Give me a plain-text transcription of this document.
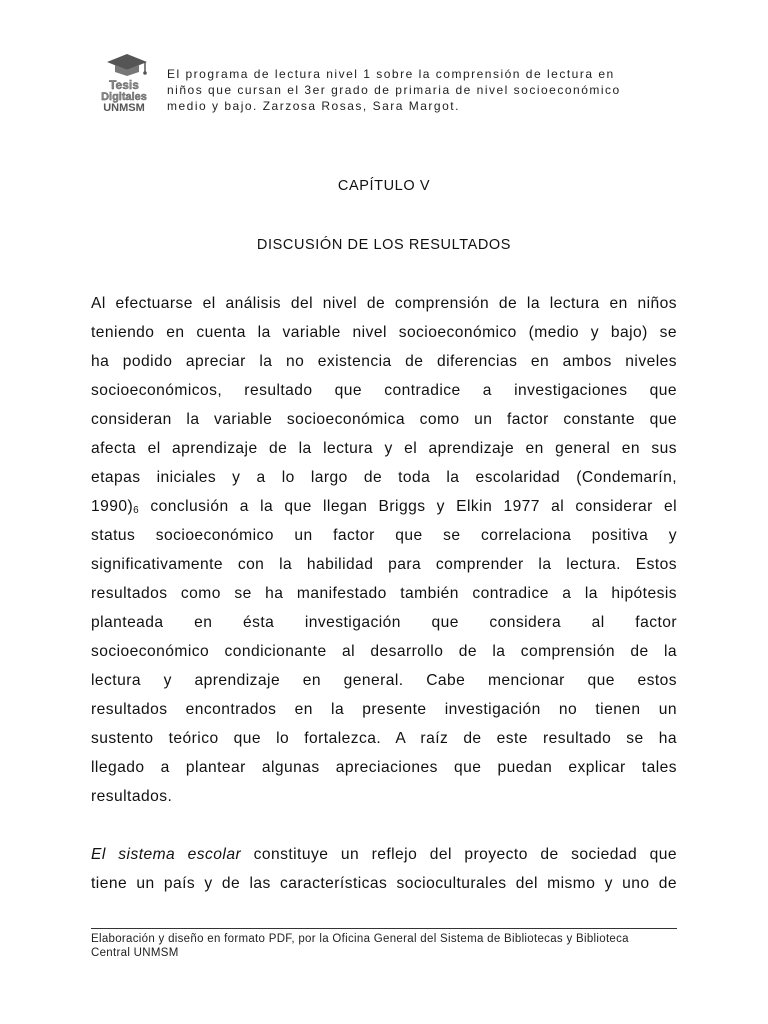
Tesis
Digitales
UNMSM
El programa de lectura nivel 1 sobre la comprensión de lectura en
niños que cursan el 3er grado de primaria de nivel socioeconómico
medio y bajo. Zarzosa Rosas, Sara Margot.
CAPÍTULO V
DISCUSIÓN DE LOS RESULTADOS
Al efectuarse el análisis del nivel de comprensión de la lectura en niños
teniendo en cuenta la variable nivel socioeconómico (medio y bajo) se
ha podido apreciar la no existencia de diferencias en ambos niveles
socioeconómicos, resultado que contradice a investigaciones que
consideran la variable socioeconómica como un factor constante que
afecta el aprendizaje de la lectura y el aprendizaje en general en sus
etapas iniciales y a lo largo de toda la escolaridad (Condemarín,
$1990)_6$ conclusión a la que llegan Briggs y Elkin 1977 al considerar el
status socioeconómico un factor que se correlaciona positiva y
significativamente con la habilidad para comprender la lectura. Estos
resultados como se ha manifestado también contradice a la hipótesis
planteada en ésta investigación que considera al factor
socioeconómico condicionante al desarrollo de la comprensión de la
lectura y aprendizaje en general. Cabe mencionar que estos
resultados encontrados en la presente investigación no tienen un
sustento teórico que lo fortalezca. A raíz de este resultado se ha
llegado a plantear algunas apreciaciones que puedan explicar tales
resultados.
El sistema escolar constituye un reflejo del proyecto de sociedad que
tiene un país y de las características socioculturales del mismo y uno de
Elaboración y diseño en formato PDF, por la Oficina General del Sistema de Bibliotecas y Biblioteca
Central UNMSM
